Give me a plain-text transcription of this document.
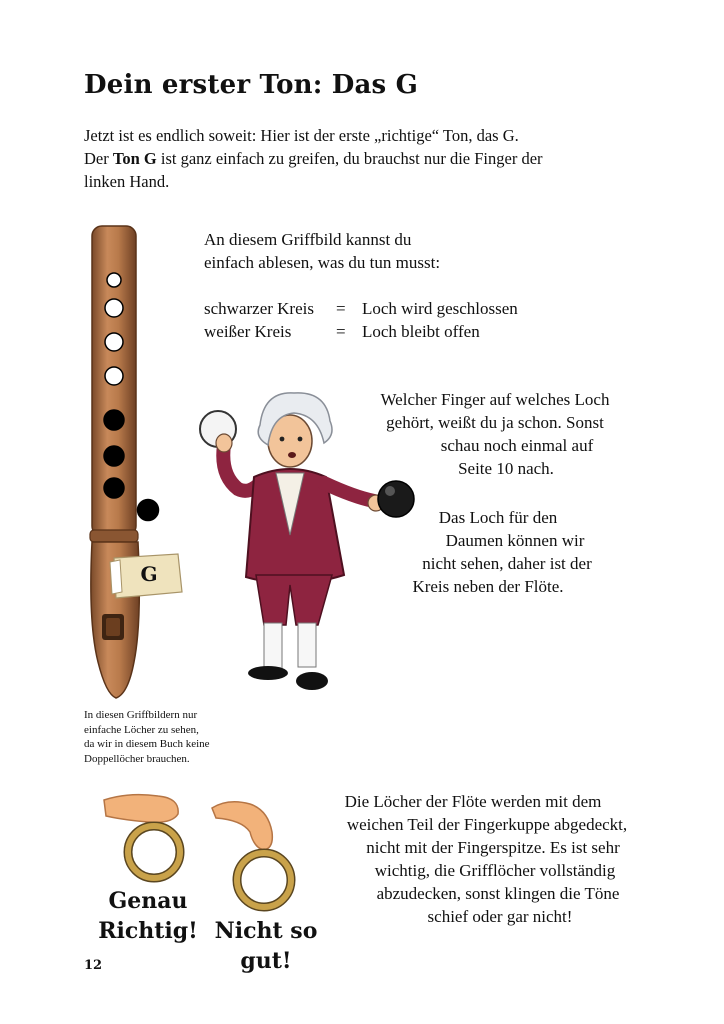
Dein erster Ton: Das G

Jetzt ist es endlich soweit: Hier ist der erste „richtige“ Ton, das G.

Der Ton G ist ganz einfach zu greifen, du brauchst nur die Finger der

linken Hand.

G
An diesem Griffbild kannst du
einfach ablesen, was du tun musst:
schwarzer Kreis	= Loch wird geschlossen
weißer Kreis	= Loch bleibt offen
Welcher Finger auf welches Loch
gehört, weißt du ja schon. Sonst
schau noch einmal auf
Seite 10 nach.
Das Loch für den
Daumen können wir
nicht sehen, daher ist der
Kreis neben der Flöte.
In diesen Griffbildern nur
einfache Löcher zu sehen,
da wir in diesem Buch keine
Doppellöcher brauchen.
Genau
Richtig! Nicht so
gut!
Die Löcher der Flöte werden mit dem
weichen Teil der Fingerkuppe abgedeckt,
nicht mit der Fingerspitze. Es ist sehr
wichtig, die Grifflöcher vollständig
abzudecken, sonst klingen die Töne
schief oder gar nicht!
12
